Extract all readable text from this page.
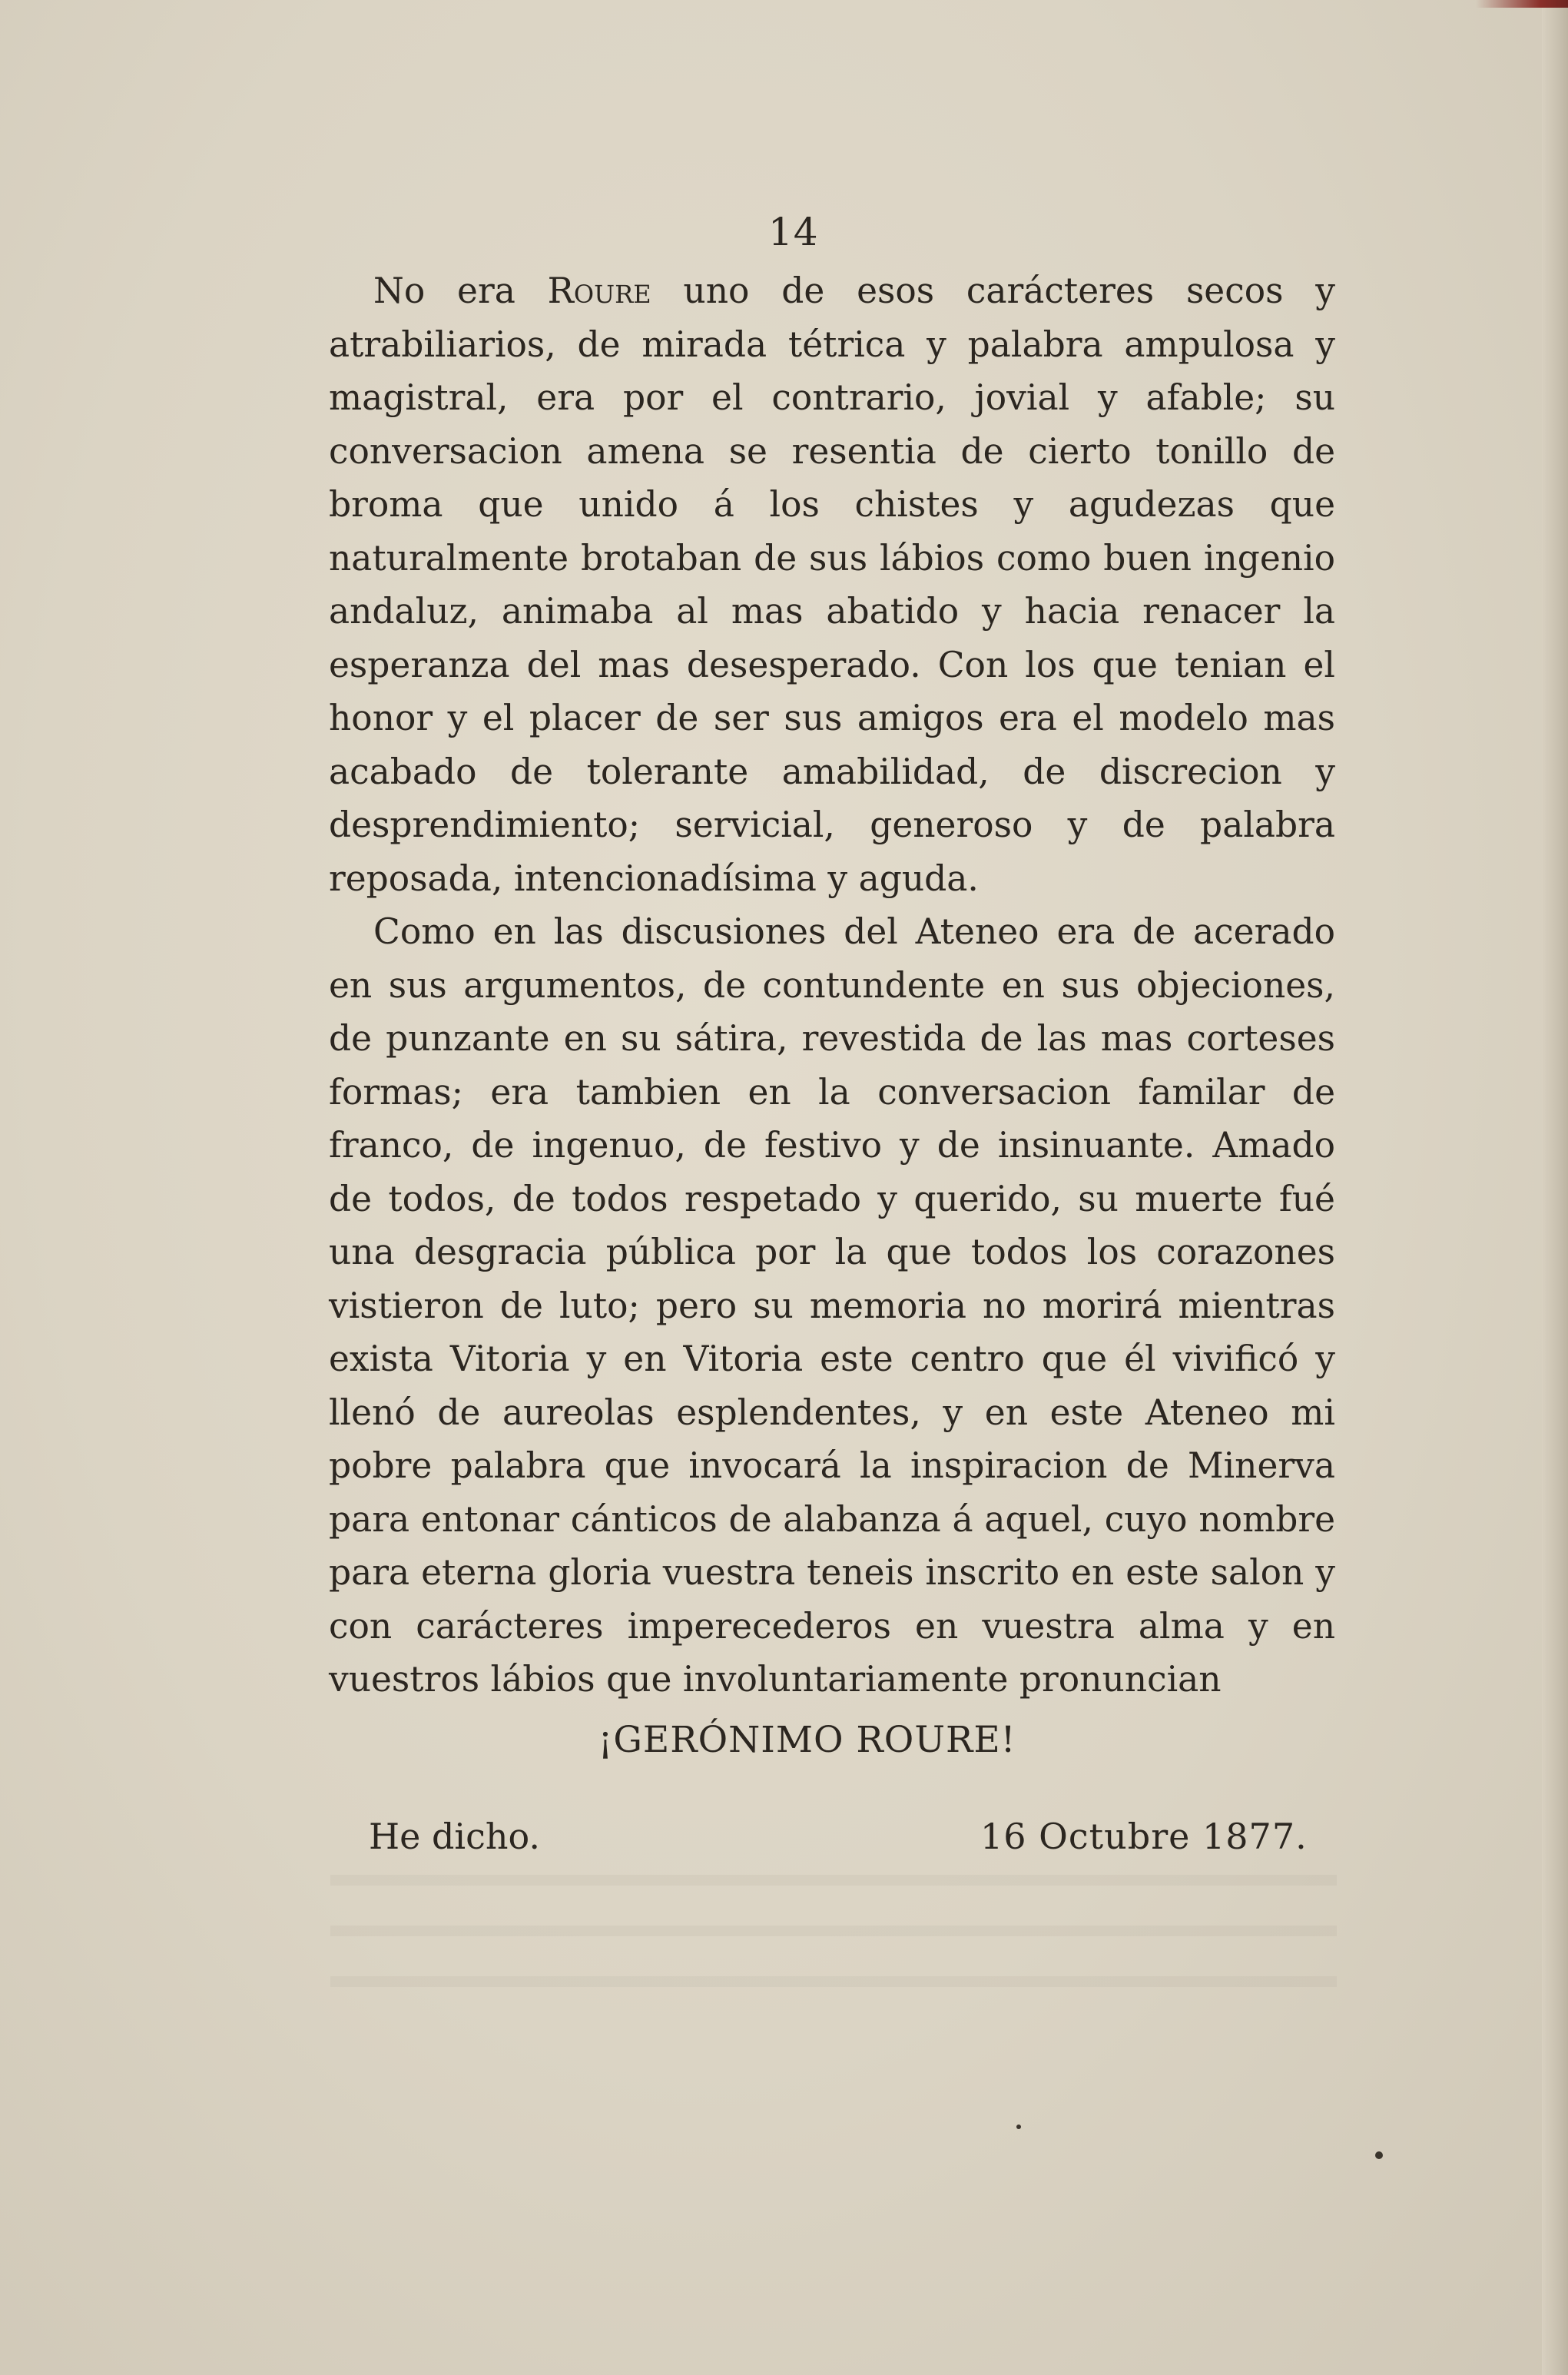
14

No era Roure uno de esos carácteres secos y atrabiliarios, de mirada tétrica y palabra ampulosa y magistral, era por el contrario, jovial y afable; su conversacion amena se resentia de cierto tonillo de broma que unido á los chistes y agudezas que naturalmente brotaban de sus lábios como buen ingenio andaluz, animaba al mas abatido y hacia renacer la esperanza del mas desesperado. Con los que tenian el honor y el placer de ser sus amigos era el modelo mas acabado de tolerante amabilidad, de discrecion y desprendimiento; servicial, generoso y de palabra reposada, intencionadísima y aguda.

Como en las discusiones del Ateneo era de acerado en sus argumentos, de contundente en sus objeciones, de punzante en su sátira, revestida de las mas corteses formas; era tambien en la conversacion familar de franco, de ingenuo, de festivo y de insinuante. Amado de todos, de todos respetado y querido, su muerte fué una desgracia pública por la que todos los corazones vistieron de luto; pero su memoria no morirá mientras exista Vitoria y en Vitoria este centro que él vivificó y llenó de aureolas esplendentes, y en este Ateneo mi pobre palabra que invocará la inspiracion de Minerva para entonar cánticos de alabanza á aquel, cuyo nombre para eterna gloria vuestra teneis inscrito en este salon y con carácteres imperecederos en vuestra alma y en vuestros lábios que involuntariamente pronuncian

¡GERÓNIMO ROURE!
He dicho.	16 Octubre 1877.
